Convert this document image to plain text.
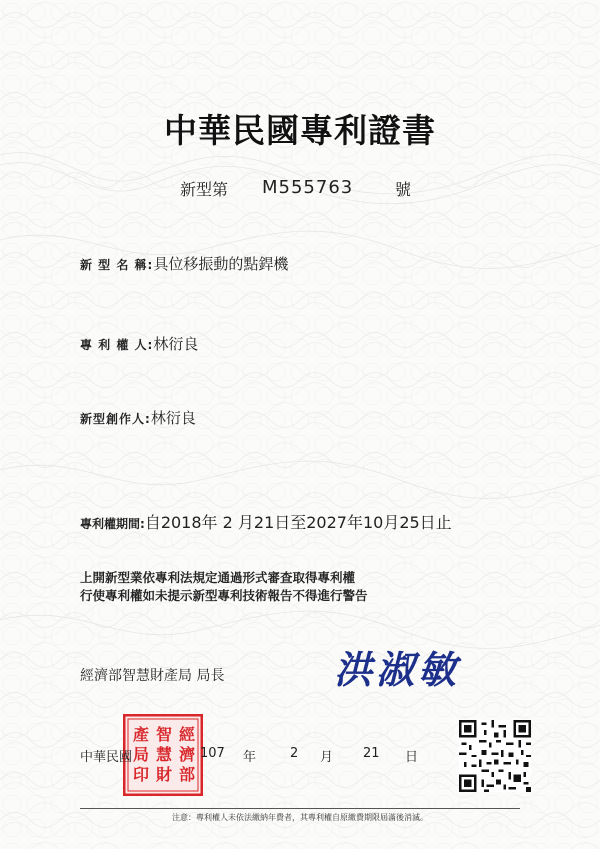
中華民國專利證書
新型第	M555763	號
新 型 名 稱:具位移振動的點銲機
專 利 權 人:林衍良
新型創作人:林衍良
專利權期間:自2018年 2 月21日至2027年10月25日止
上開新型業依專利法規定通過形式審查取得專利權
行使專利權如未提示新型專利技術報告不得進行警告
經濟部智慧財產局 局長	洪淑敏
經
濟
部
智
慧
財
產
局
印
中華民國	107 年	2 月 21 日
注意：專利權人未依法繳納年費者，其專利權自原繳費期限屆滿後消滅。
